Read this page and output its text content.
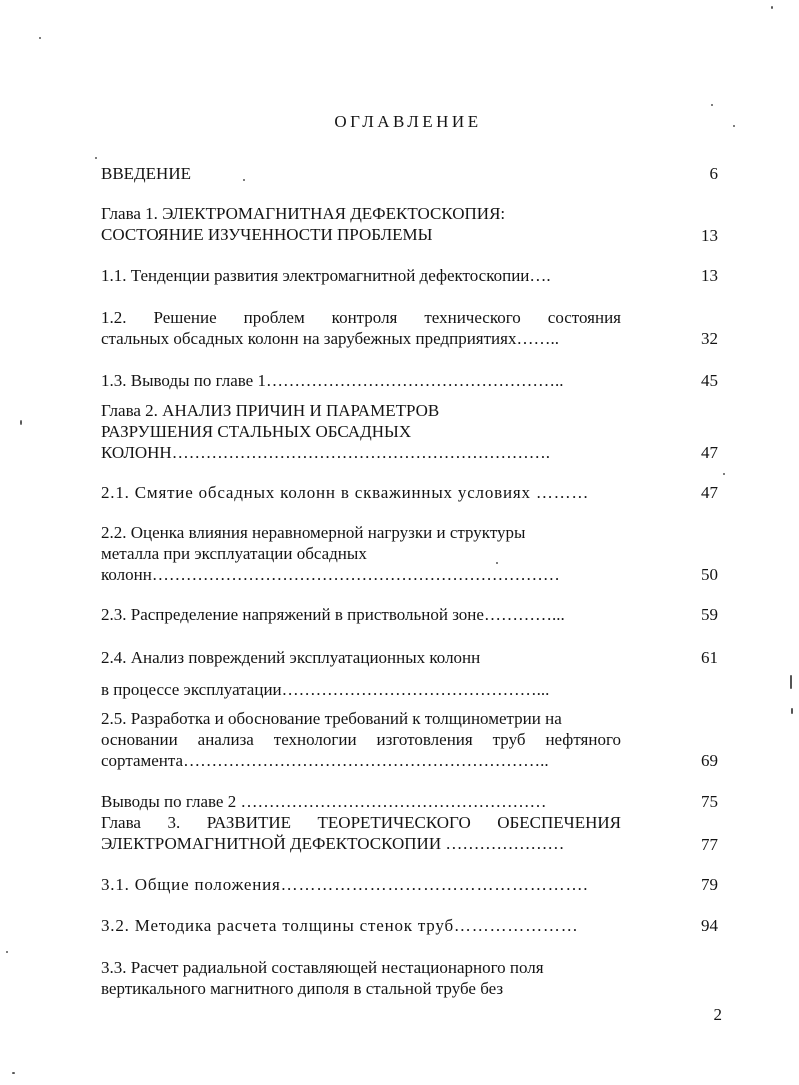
ОГЛАВЛЕНИЕ
ВВЕДЕНИЕ	6
Глава 1. ЭЛЕКТРОМАГНИТНАЯ ДЕФЕКТОСКОПИЯ:
СОСТОЯНИЕ ИЗУЧЕННОСТИ ПРОБЛЕМЫ	13
1.1. Тенденции развития электромагнитной дефектоскопии….	13
1.2. Решение проблем контроля технического состояния
стальных обсадных колонн на зарубежных предприятиях……..	32
1.3. Выводы по главе 1……………………………………………..	45
Глава 2. АНАЛИЗ ПРИЧИН И ПАРАМЕТРОВ
РАЗРУШЕНИЯ СТАЛЬНЫХ ОБСАДНЫХ
КОЛОНН………………………………………………………….	47
2.1. Смятие обсадных колонн в скважинных условиях ………	47
2.2. Оценка влияния неравномерной нагрузки и структуры
металла при эксплуатации обсадных
колонн………………………………………………………………	50
2.3. Распределение напряжений в приствольной зоне…………...	59
2.4. Анализ повреждений эксплуатационных колонн	61
в процессе эксплуатации………………………………………...
2.5. Разработка и обоснование требований к толщинометрии на
основании анализа технологии изготовления труб нефтяного
сортамента………………………………………………………..	69
Выводы по главе 2 ………………………………………………	75
Глава 3. РАЗВИТИЕ ТЕОРЕТИЧЕСКОГО ОБЕСПЕЧЕНИЯ
ЭЛЕКТРОМАГНИТНОЙ ДЕФЕКТОСКОПИИ …………………	77
3.1. Общие положения…………………………………………….	79
3.2. Методика расчета толщины стенок труб…………………	94
3.3. Расчет радиальной составляющей нестационарного поля
вертикального магнитного диполя в стальной трубе без
2
